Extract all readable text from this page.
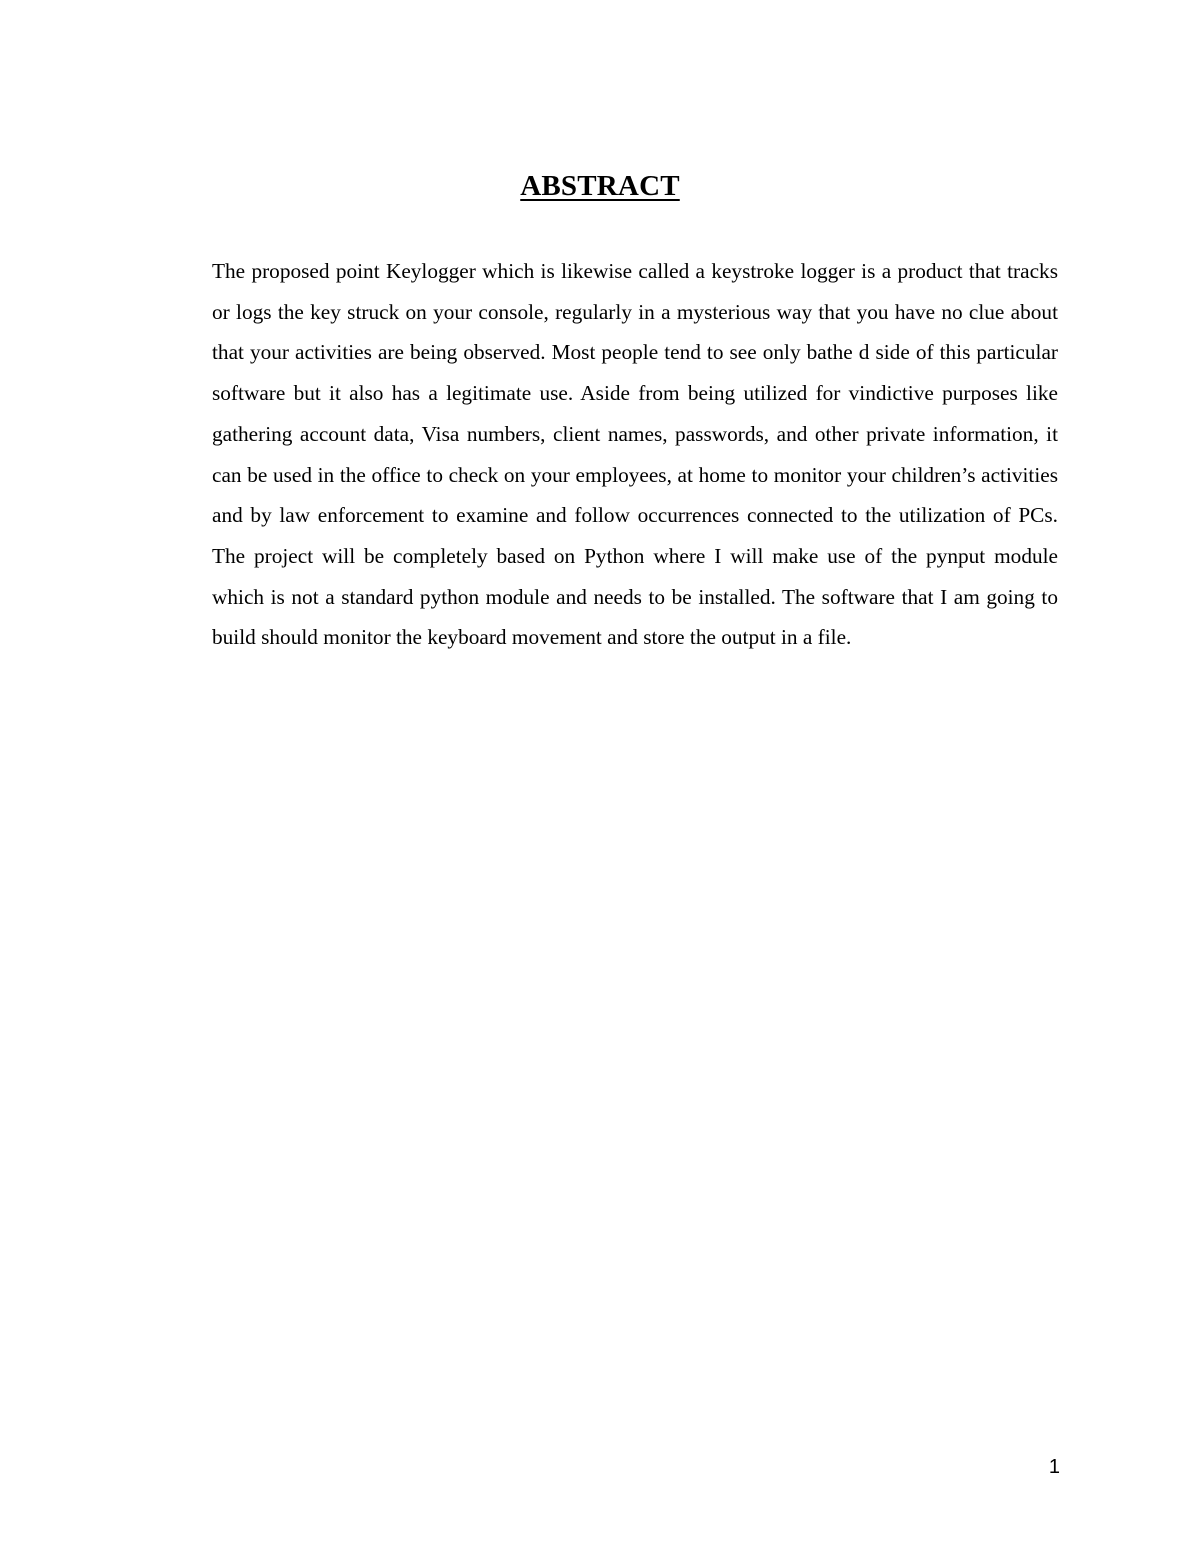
ABSTRACT

The proposed point Keylogger which is likewise called a keystroke logger is a product that tracks or logs the key struck on your console, regularly in a mysterious way that you have no clue about that your activities are being observed. Most people tend to see only bathe d side of this particular software but it also has a legitimate use. Aside from being utilized for vindictive purposes like gathering account data, Visa numbers, client names, passwords, and other private information, it can be used in the office to check on your employees, at home to monitor your children’s activities and by law enforcement to examine and follow occurrences connected to the utilization of PCs. The project will be completely based on Python where I will make use of the pynput module which is not a standard python module and needs to be installed. The software that I am going to build should monitor the keyboard movement and store the output in a file.

1
